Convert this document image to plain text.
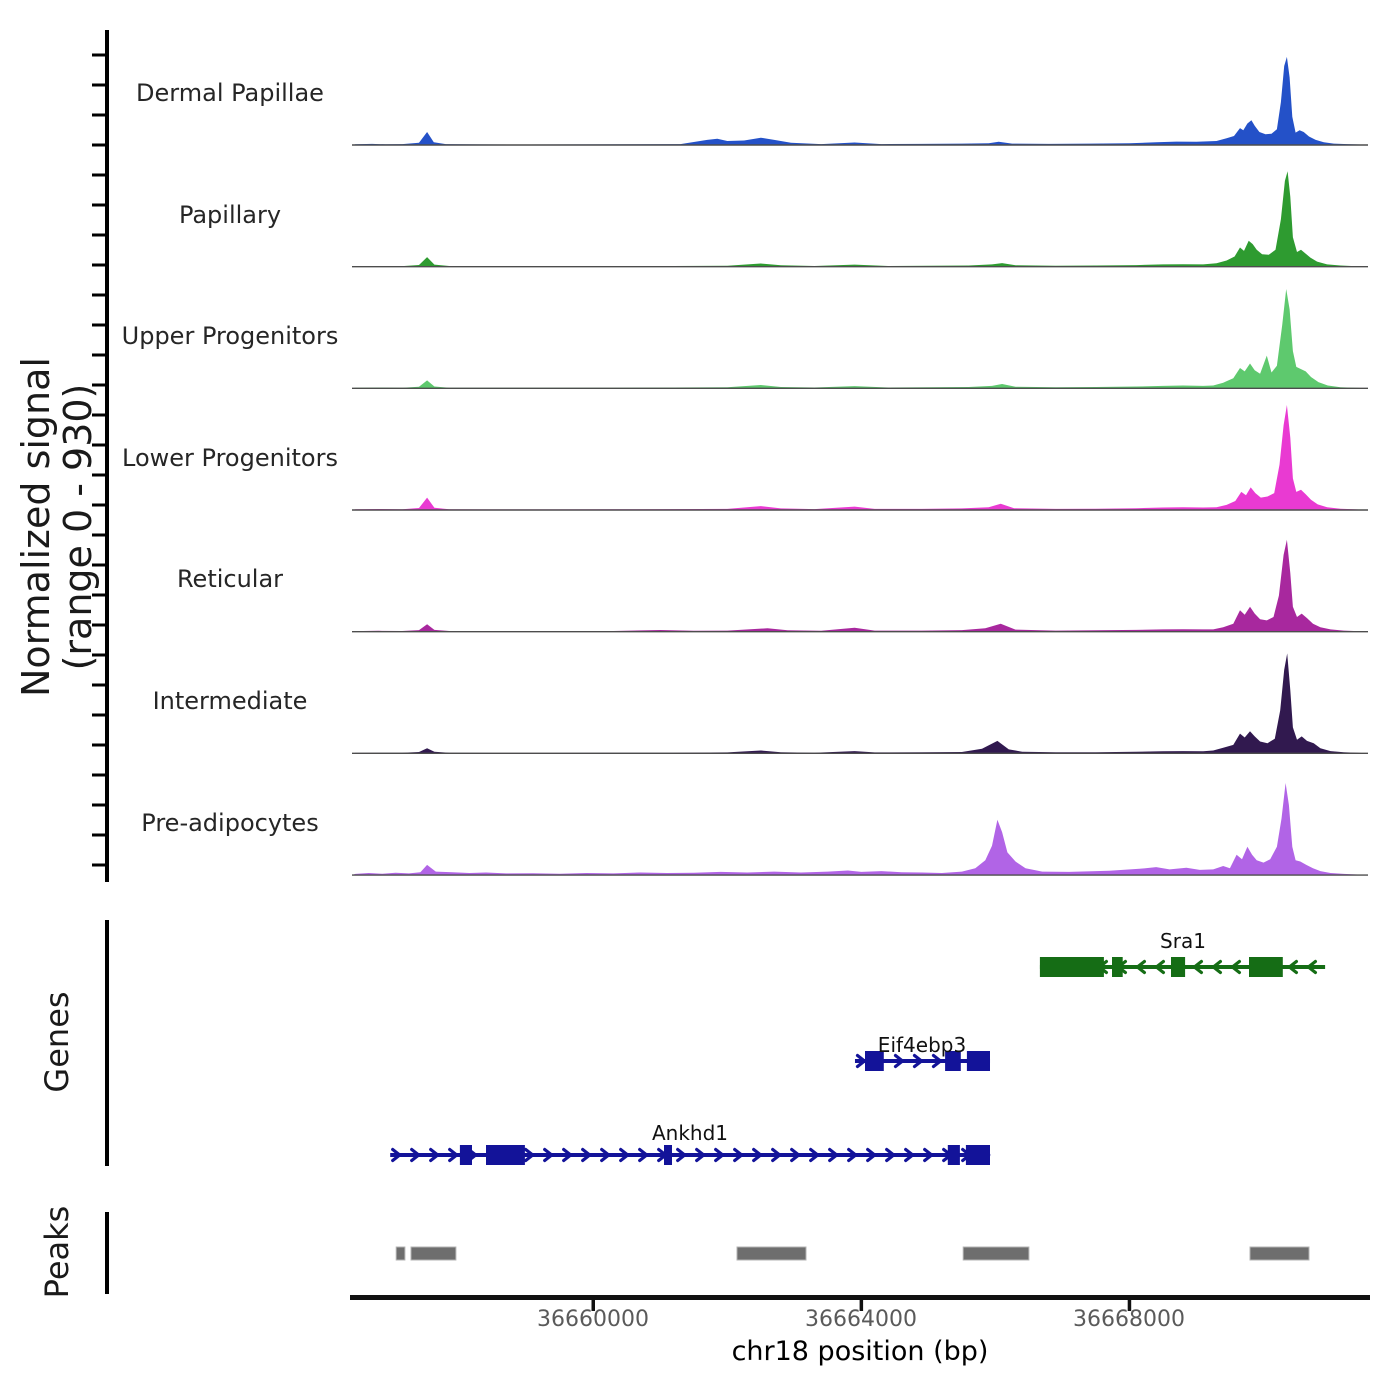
Dermal Papillae
Papillary
Upper Progenitors
Lower Progenitors
Reticular
Intermediate
Pre-adipocytes
Normalized signal
(range 0 - 930)
Genes
Peaks
Sra1
Eif4ebp3
Ankhd1
36660000	36664000	36668000
chr18 position (bp)
